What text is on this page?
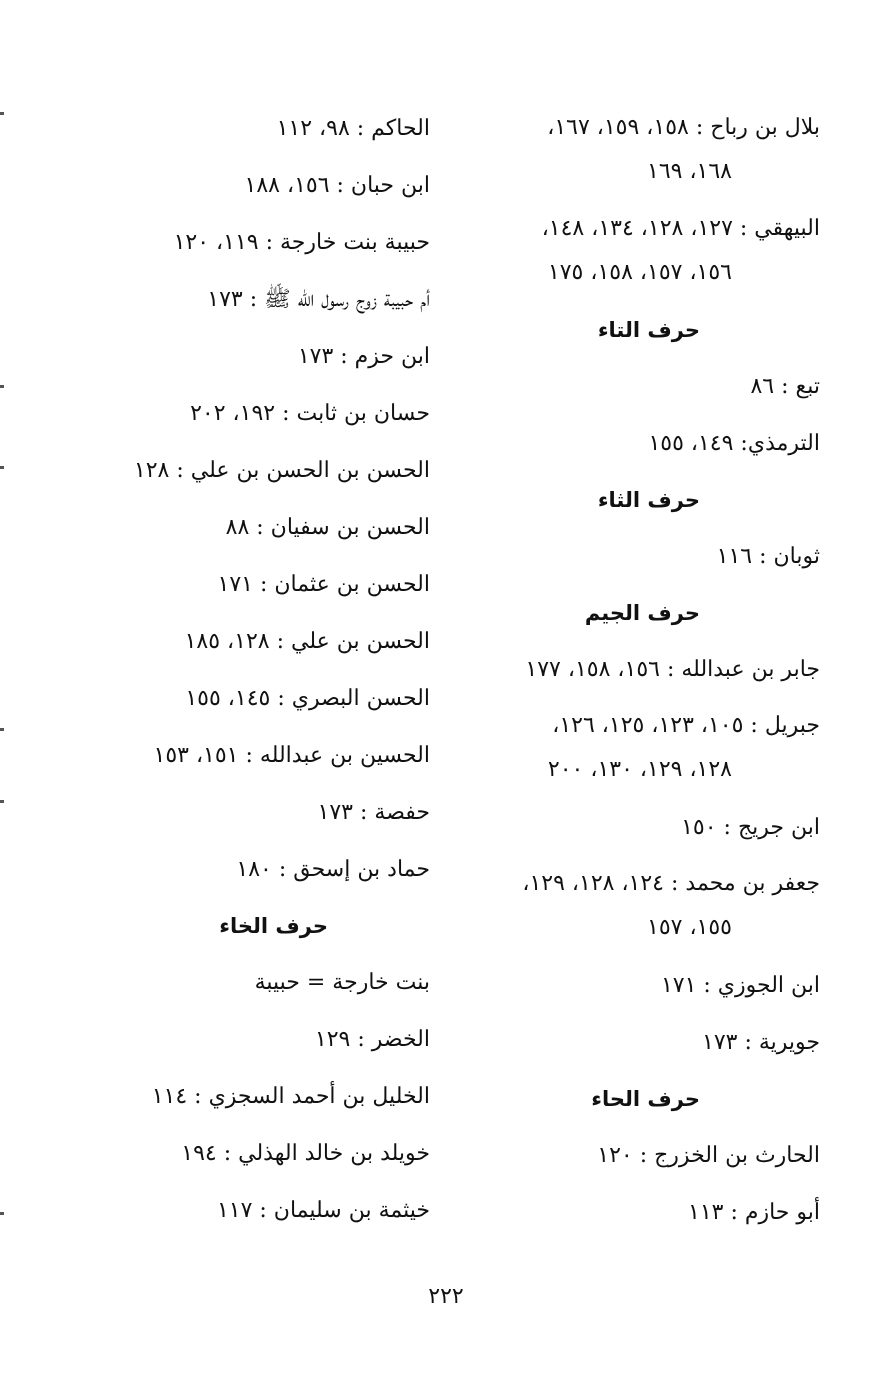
بلال بن رباح : ١٥٨، ١٥٩، ١٦٧،
١٦٨، ١٦٩
البيهقي : ١٢٧، ١٢٨، ١٣٤، ١٤٨،
١٥٦، ١٥٧، ١٥٨، ١٧٥
حرف التاء
تبع : ٨٦
الترمذي: ١٤٩، ١٥٥
حرف الثاء
ثوبان : ١١٦
حرف الجيم
جابر بن عبدالله : ١٥٦، ١٥٨، ١٧٧
جبريل : ١٠٥، ١٢٣، ١٢٥، ١٢٦،
١٢٨، ١٢٩، ١٣٠، ٢٠٠
ابن جريج : ١٥٠
جعفر بن محمد : ١٢٤، ١٢٨، ١٢٩،
١٥٥، ١٥٧
ابن الجوزي : ١٧١
جويرية : ١٧٣
حرف الحاء
الحارث بن الخزرج : ١٢٠
أبو حازم : ١١٣
الحاكم : ٩٨، ١١٢
ابن حبان : ١٥٦، ١٨٨
حبيبة بنت خارجة : ١١٩، ١٢٠
أم حبيبة زوج رسول الله ﷺ : ١٧٣
ابن حزم : ١٧٣
حسان بن ثابت : ١٩٢، ٢٠٢
الحسن بن الحسن بن علي : ١٢٨
الحسن بن سفيان : ٨٨
الحسن بن عثمان : ١٧١
الحسن بن علي : ١٢٨، ١٨٥
الحسن البصري : ١٤٥، ١٥٥
الحسين بن عبدالله : ١٥١، ١٥٣
حفصة : ١٧٣
حماد بن إسحق : ١٨٠
حرف الخاء
بنت خارجة = حبيبة
الخضر : ١٢٩
الخليل بن أحمد السجزي : ١١٤
خويلد بن خالد الهذلي : ١٩٤
خيثمة بن سليمان : ١١٧
٢٢٢
